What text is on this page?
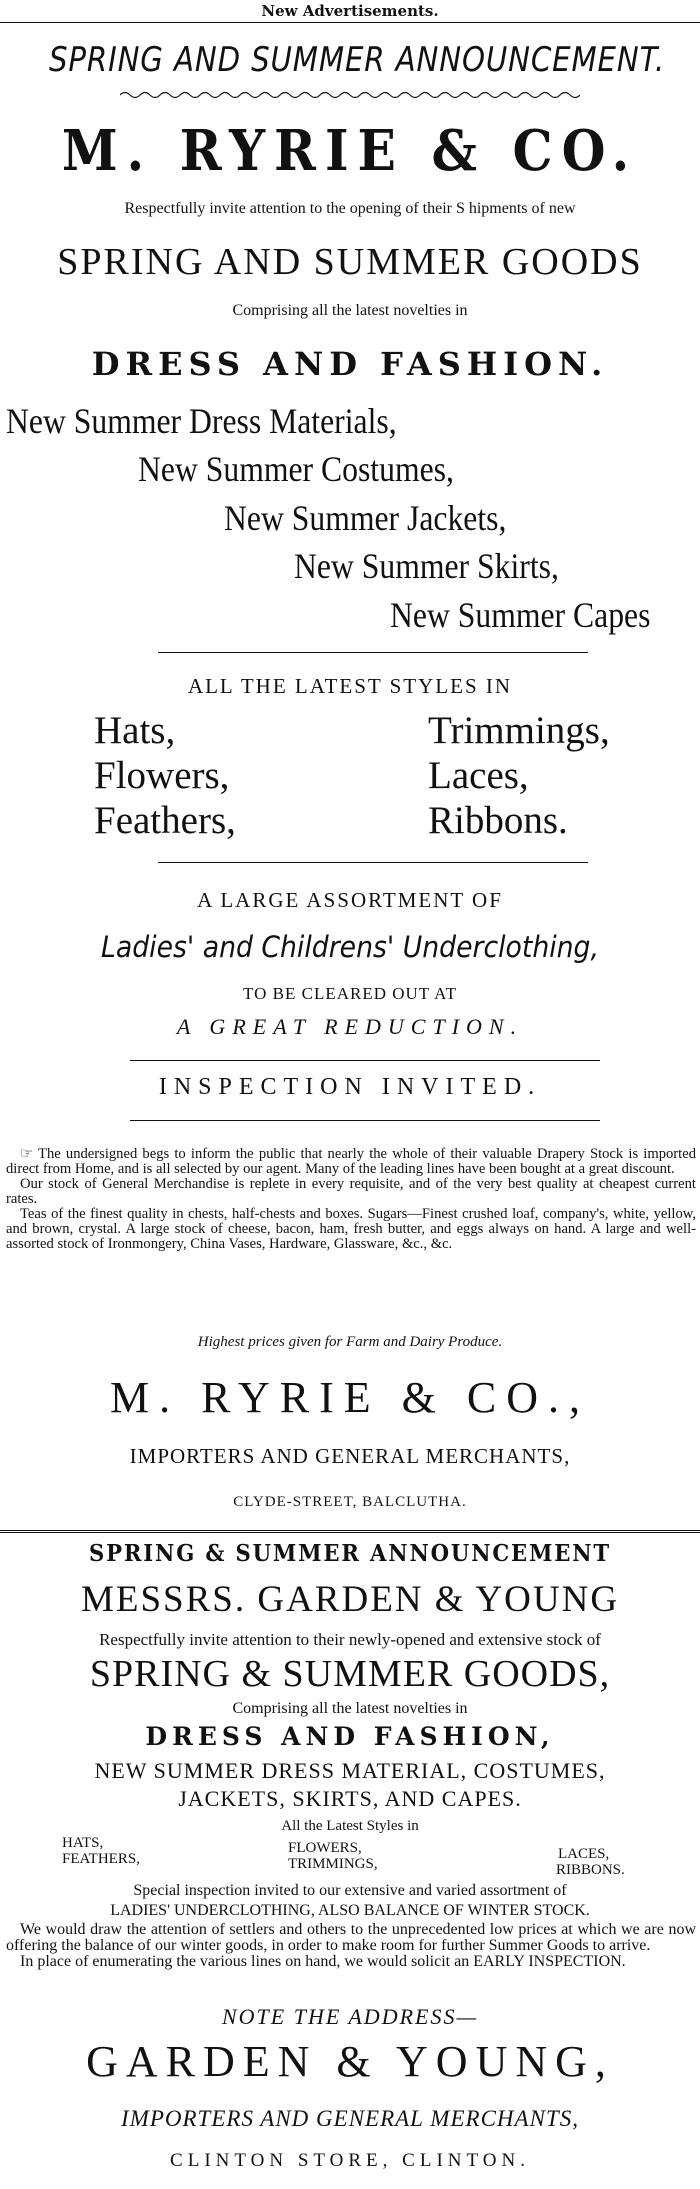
New Advertisements.
SPRING AND SUMMER ANNOUNCEMENT.
M. RYRIE & CO.
Respectfully invite attention to the opening of their S hipments of new
SPRING AND SUMMER GOODS
Comprising all the latest novelties in
DRESS AND FASHION.
New Summer Dress Materials,
New Summer Costumes,
New Summer Jackets,
New Summer Skirts,
New Summer Capes
ALL THE LATEST STYLES IN
Hats,
Flowers,
Feathers,
Trimmings,
Laces,
Ribbons.
A LARGE ASSORTMENT OF
Ladies' and Childrens' Underclothing,
TO BE CLEARED OUT AT
A GREAT REDUCTION.
INSPECTION INVITED.

☞ The undersigned begs to inform the public that nearly the whole of their valuable Drapery Stock is imported direct from Home, and is all selected by our agent. Many of the leading lines have been bought at a great discount.

Our stock of General Merchandise is replete in every requisite, and of the very best quality at cheapest current rates.

Teas of the finest quality in chests, half-chests and boxes. Sugars—Finest crushed loaf, company's, white, yellow, and brown, crystal. A large stock of cheese, bacon, ham, fresh butter, and eggs always on hand. A large and well-assorted stock of Ironmongery, China Vases, Hardware, Glassware, &c., &c.

Highest prices given for Farm and Dairy Produce.
M. RYRIE & CO.,
IMPORTERS AND GENERAL MERCHANTS,
CLYDE-STREET, BALCLUTHA.
SPRING & SUMMER ANNOUNCEMENT
MESSRS. GARDEN & YOUNG
Respectfully invite attention to their newly-opened and extensive stock of
SPRING & SUMMER GOODS,
Comprising all the latest novelties in
DRESS AND FASHION,
NEW SUMMER DRESS MATERIAL, COSTUMES,
JACKETS, SKIRTS, AND CAPES.
All the Latest Styles in
HATS,
FEATHERS,
FLOWERS,
TRIMMINGS,
LACES,
RIBBONS.
Special inspection invited to our extensive and varied assortment of
LADIES' UNDERCLOTHING, ALSO BALANCE OF WINTER STOCK.

We would draw the attention of settlers and others to the unprecedented low prices at which we are now offering the balance of our winter goods, in order to make room for further Summer Goods to arrive.

In place of enumerating the various lines on hand, we would solicit an EARLY INSPECTION.

NOTE THE ADDRESS—
GARDEN & YOUNG,
IMPORTERS AND GENERAL MERCHANTS,
CLINTON STORE, CLINTON.
